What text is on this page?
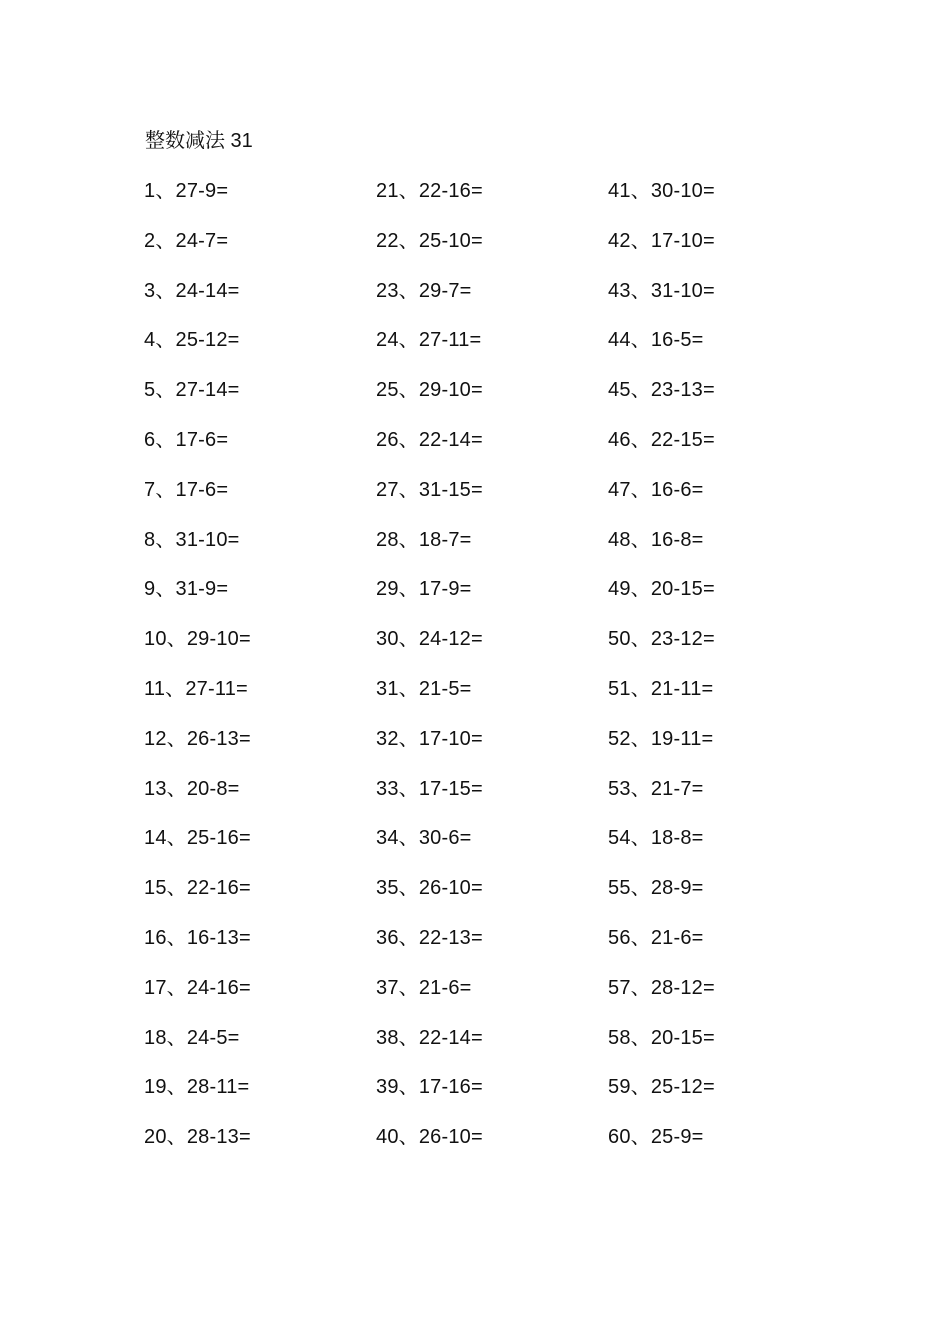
整数减法 31
1、27-9=
2、24-7=
3、24-14=
4、25-12=
5、27-14=
6、17-6=
7、17-6=
8、31-10=
9、31-9=
10、29-10=
11、27-11=
12、26-13=
13、20-8=
14、25-16=
15、22-16=
16、16-13=
17、24-16=
18、24-5=
19、28-11=
20、28-13=
21、22-16=
22、25-10=
23、29-7=
24、27-11=
25、29-10=
26、22-14=
27、31-15=
28、18-7=
29、17-9=
30、24-12=
31、21-5=
32、17-10=
33、17-15=
34、30-6=
35、26-10=
36、22-13=
37、21-6=
38、22-14=
39、17-16=
40、26-10=
41、30-10=
42、17-10=
43、31-10=
44、16-5=
45、23-13=
46、22-15=
47、16-6=
48、16-8=
49、20-15=
50、23-12=
51、21-11=
52、19-11=
53、21-7=
54、18-8=
55、28-9=
56、21-6=
57、28-12=
58、20-15=
59、25-12=
60、25-9=
